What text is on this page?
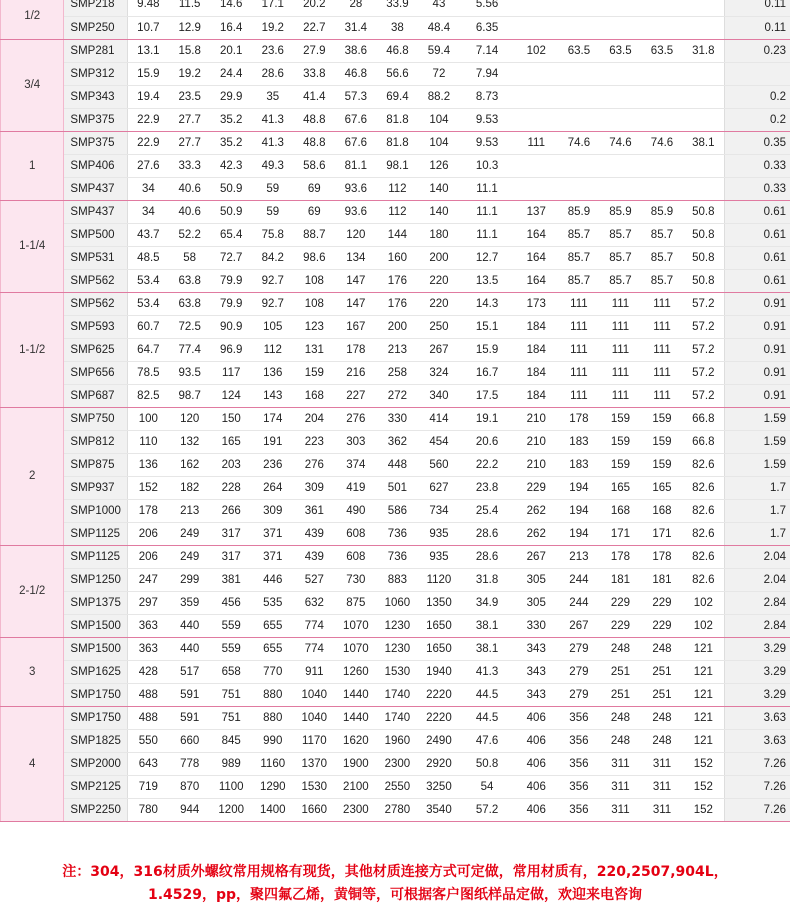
1/2	SMP218	9.48	11.5	14.6	17.1	20.2	28	33.9	43	5.56						0.11
	SMP250	10.7	12.9	16.4	19.2	22.7	31.4	38	48.4	6.35						0.11
3/4	SMP281	13.1	15.8	20.1	23.6	27.9	38.6	46.8	59.4	7.14	102	63.5	63.5	63.5	31.8	0.23
	SMP312	15.9	19.2	24.4	28.6	33.8	46.8	56.6	72	7.94						
	SMP343	19.4	23.5	29.9	35	41.4	57.3	69.4	88.2	8.73						0.2
	SMP375	22.9	27.7	35.2	41.3	48.8	67.6	81.8	104	9.53						0.2
1	SMP375	22.9	27.7	35.2	41.3	48.8	67.6	81.8	104	9.53	111	74.6	74.6	74.6	38.1	0.35
	SMP406	27.6	33.3	42.3	49.3	58.6	81.1	98.1	126	10.3						0.33
	SMP437	34	40.6	50.9	59	69	93.6	112	140	11.1						0.33
1-1/4	SMP437	34	40.6	50.9	59	69	93.6	112	140	11.1	137	85.9	85.9	85.9	50.8	0.61
	SMP500	43.7	52.2	65.4	75.8	88.7	120	144	180	11.1	164	85.7	85.7	85.7	50.8	0.61
	SMP531	48.5	58	72.7	84.2	98.6	134	160	200	12.7	164	85.7	85.7	85.7	50.8	0.61
	SMP562	53.4	63.8	79.9	92.7	108	147	176	220	13.5	164	85.7	85.7	85.7	50.8	0.61
1-1/2	SMP562	53.4	63.8	79.9	92.7	108	147	176	220	14.3	173	111	111	111	57.2	0.91
	SMP593	60.7	72.5	90.9	105	123	167	200	250	15.1	184	111	111	111	57.2	0.91
	SMP625	64.7	77.4	96.9	112	131	178	213	267	15.9	184	111	111	111	57.2	0.91
	SMP656	78.5	93.5	117	136	159	216	258	324	16.7	184	111	111	111	57.2	0.91
	SMP687	82.5	98.7	124	143	168	227	272	340	17.5	184	111	111	111	57.2	0.91
2	SMP750	100	120	150	174	204	276	330	414	19.1	210	178	159	159	66.8	1.59
	SMP812	110	132	165	191	223	303	362	454	20.6	210	183	159	159	66.8	1.59
	SMP875	136	162	203	236	276	374	448	560	22.2	210	183	159	159	82.6	1.59
	SMP937	152	182	228	264	309	419	501	627	23.8	229	194	165	165	82.6	1.7
	SMP1000	178	213	266	309	361	490	586	734	25.4	262	194	168	168	82.6	1.7
	SMP1125	206	249	317	371	439	608	736	935	28.6	262	194	171	171	82.6	1.7
2-1/2	SMP1125	206	249	317	371	439	608	736	935	28.6	267	213	178	178	82.6	2.04
	SMP1250	247	299	381	446	527	730	883	1120	31.8	305	244	181	181	82.6	2.04
	SMP1375	297	359	456	535	632	875	1060	1350	34.9	305	244	229	229	102	2.84
	SMP1500	363	440	559	655	774	1070	1230	1650	38.1	330	267	229	229	102	2.84
3	SMP1500	363	440	559	655	774	1070	1230	1650	38.1	343	279	248	248	121	3.29
	SMP1625	428	517	658	770	911	1260	1530	1940	41.3	343	279	251	251	121	3.29
	SMP1750	488	591	751	880	1040	1440	1740	2220	44.5	343	279	251	251	121	3.29
4	SMP1750	488	591	751	880	1040	1440	1740	2220	44.5	406	356	248	248	121	3.63
	SMP1825	550	660	845	990	1170	1620	1960	2490	47.6	406	356	248	248	121	3.63
	SMP2000	643	778	989	1160	1370	1900	2300	2920	50.8	406	356	311	311	152	7.26
	SMP2125	719	870	1100	1290	1530	2100	2550	3250	54	406	356	311	311	152	7.26
	SMP2250	780	944	1200	1400	1660	2300	2780	3540	57.2	406	356	311	311	152	7.26
注：304，316材质外螺纹常用规格有现货，其他材质连接方式可定做，常用材质有，220,2507,904L，
1.4529，pp，聚四氟乙烯，黄铜等，可根据客户图纸样品定做，欢迎来电咨询
